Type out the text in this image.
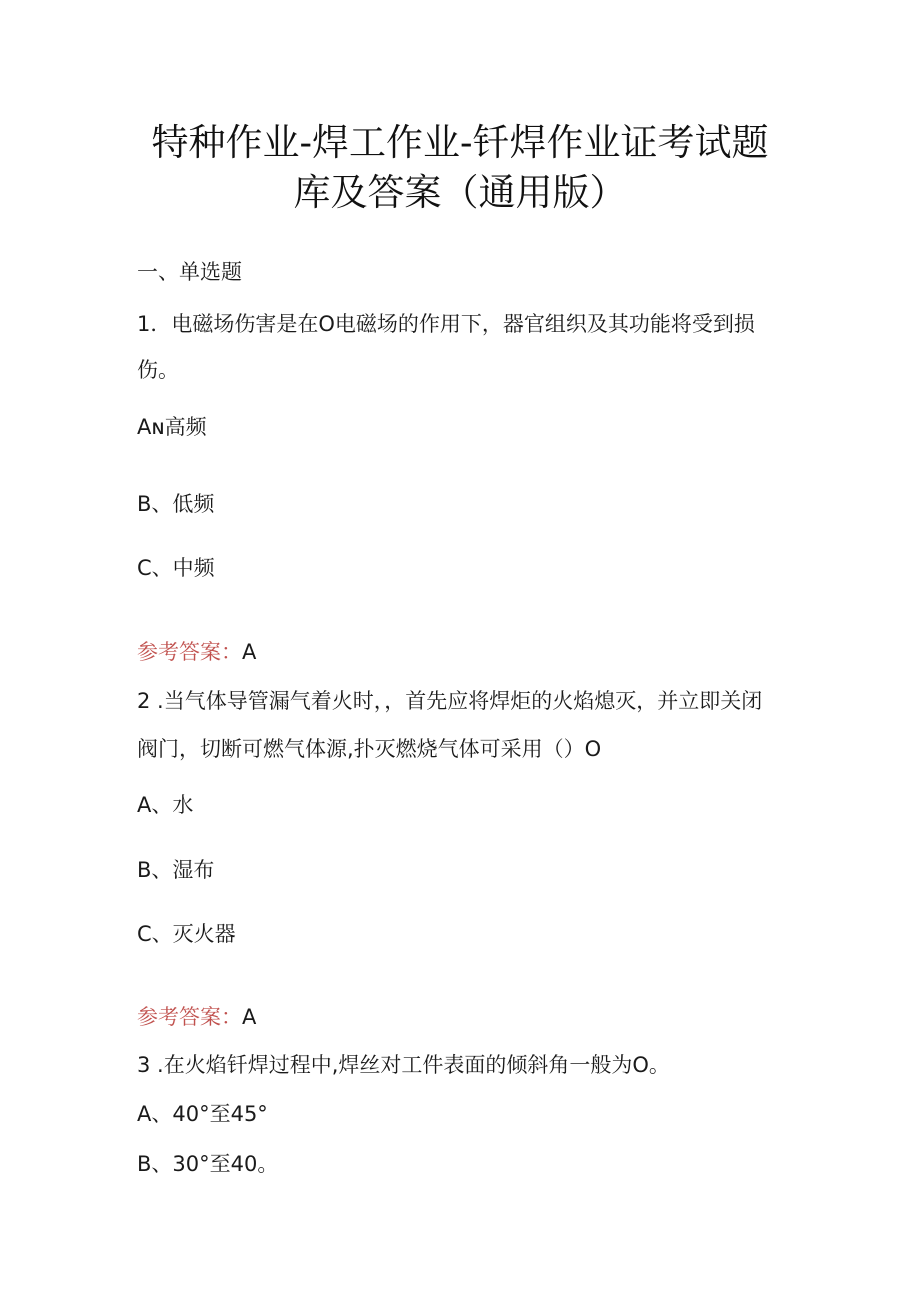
特种作业-焊工作业-钎焊作业证考试题
库及答案（通用版）
一、单选题
1．电磁场伤害是在O电磁场的作用下，器官组织及其功能将受到损
伤。
Aɴ高频
B、低频
C、中频
参考答案：A
2 .当气体导管漏气着火时，，首先应将焊炬的火焰熄灭，并立即关闭
阀门，切断可燃气体源,扑灭燃烧气体可采用（）O
A、水
B、湿布
C、灭火器
参考答案：A
3 .在火焰钎焊过程中,焊丝对工件表面的倾斜角一般为O。
A、40°至45°
B、30°至40。
